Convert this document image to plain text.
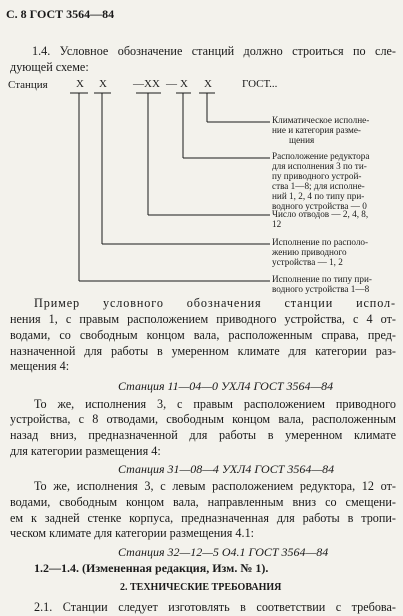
С. 8 ГОСТ 3564—84
1.4. Условное обозначение станций должно строиться по сле-
дующей схеме:
Станция	Х Х —ХХ — Х Х	ГОСТ...
Климатическое исполне-
ние и категория разме-
щения
Расположение редуктора
для исполнения 3 по ти-
пу приводного устрой-
ства 1—8; для исполне-
ний 1, 2, 4 по типу при-
водного устройства — 0
Число отводов — 2, 4, 8,
12
Исполнение по располо-
жению приводного
устройства — 1, 2
Исполнение по типу при-
водного устройства 1—8
Пример условного обозначения станции испол-
нения 1, с правым расположением приводного устройства, с 4 от-
водами, со свободным концом вала, расположенным справа, пред-
назначенной для работы в умеренном климате для категории раз-
мещения 4:
Станция 11—04—0 УХЛ4 ГОСТ 3564—84
То же, исполнения 3, с правым расположением приводного
устройства, с 8 отводами, свободным концом вала, расположенным
назад вниз, предназначенной для работы в умеренном климате
для категории размещения 4:
Станция 31—08—4 УХЛ4 ГОСТ 3564—84
То же, исполнения 3, с левым расположением редуктора, 12 от-
водами, свободным концом вала, направленным вниз со смещени-
ем к задней стенке корпуса, предназначенная для работы в тропи-
ческом климате для категории размещения 4.1:
Станция 32—12—5 О4.1 ГОСТ 3564—84
1.2—1.4. (Измененная редакция, Изм. № 1).
2. ТЕХНИЧЕСКИЕ ТРЕБОВАНИЯ
2.1. Станции следует изготовлять в соответствии с требова-
